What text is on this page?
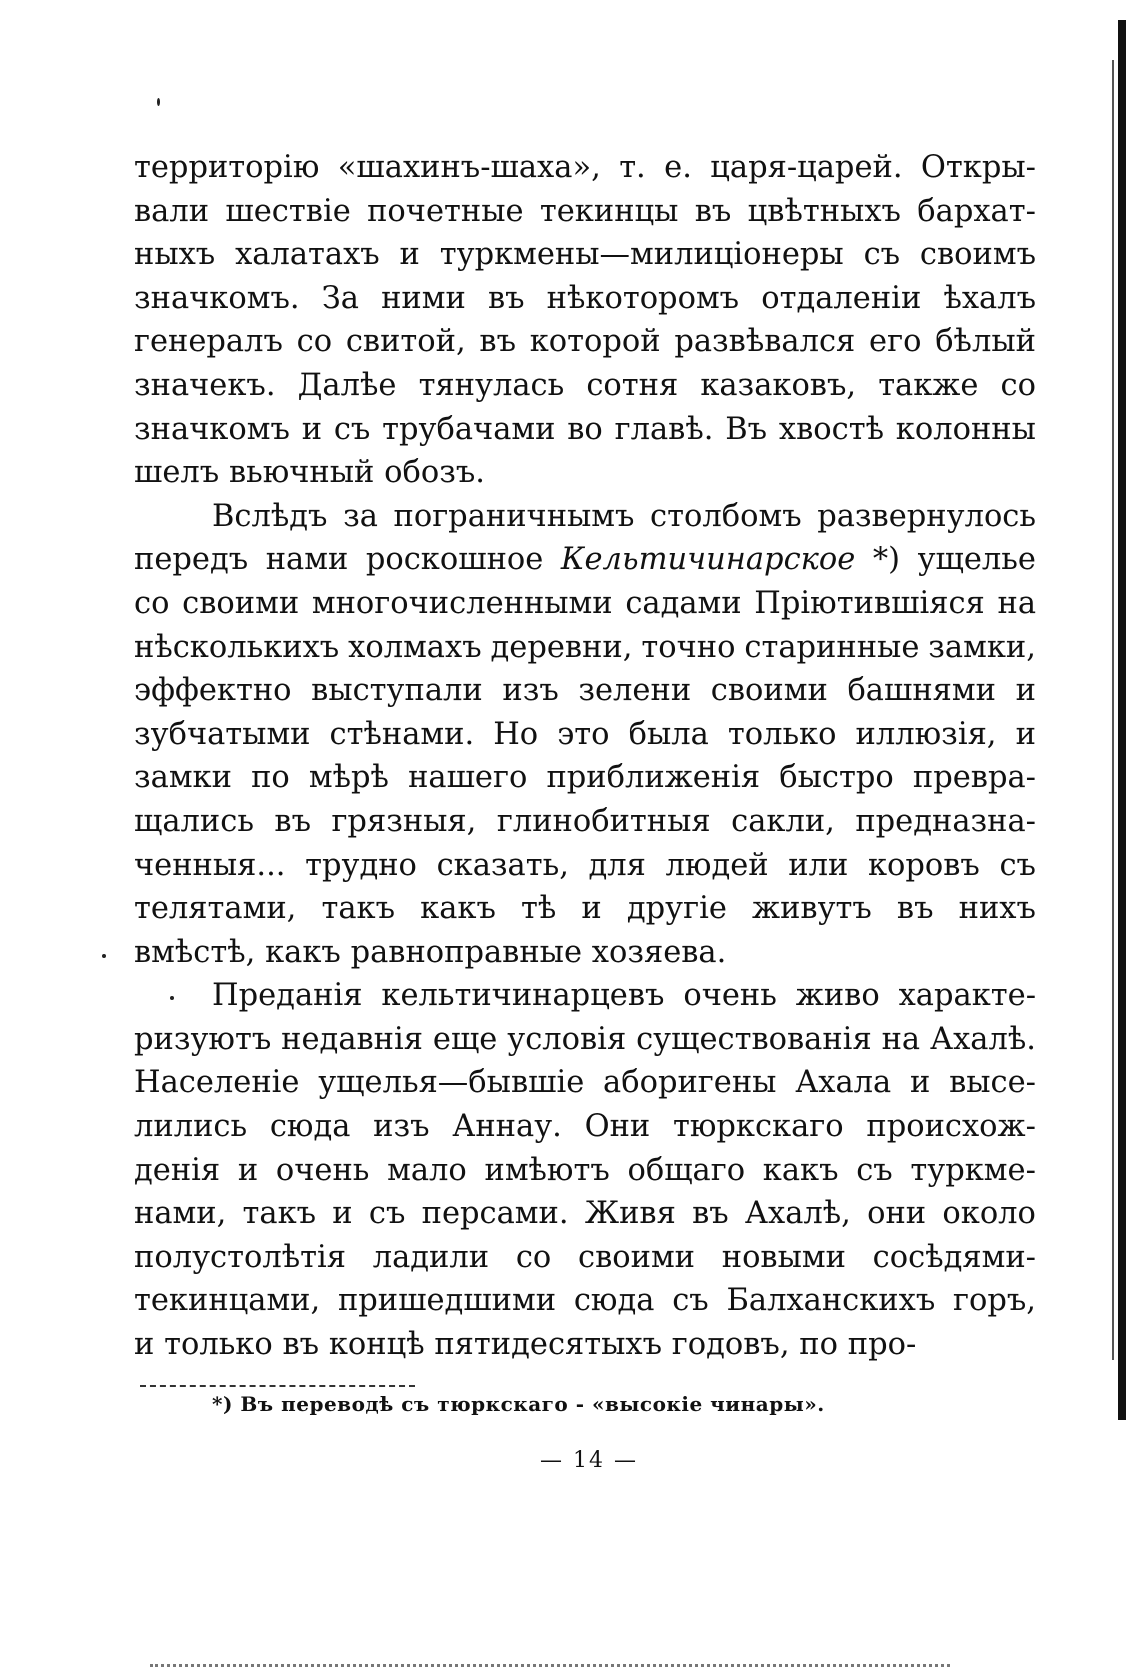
территорію «шахинъ-шаха», т. е. царя-царей. Откры-
вали шествіе почетные текинцы въ цвѣтныхъ бархат-
ныхъ халатахъ и туркмены—милиціонеры съ своимъ
значкомъ. За ними въ нѣкоторомъ отдаленіи ѣхалъ
генералъ со свитой, въ которой развѣвался его бѣлый
значекъ. Далѣе тянулась сотня казаковъ, также со
значкомъ и съ трубачами во главѣ. Въ хвостѣ колонны
шелъ вьючный обозъ.
Вслѣдъ за пограничнымъ столбомъ развернулось
передъ нами роскошное Кельтичинарское *) ущелье
со своими многочисленными садами Пріютившіяся на
нѣсколькихъ холмахъ деревни, точно старинные замки,
эффектно выступали изъ зелени своими башнями и
зубчатыми стѣнами. Но это была только иллюзія, и
замки по мѣрѣ нашего приближенія быстро превра-
щались въ грязныя, глинобитныя сакли, предназна-
ченныя... трудно сказать, для людей или коровъ съ
телятами, такъ какъ тѣ и другіе живутъ въ нихъ
вмѣстѣ, какъ равноправные хозяева.
Преданія кельтичинарцевъ очень живо характе-
ризуютъ недавнія еще условія существованія на Ахалѣ.
Населеніе ущелья—бывшіе аборигены Ахала и высе-
лились сюда изъ Аннау. Они тюркскаго происхож-
денія и очень мало имѣютъ общаго какъ съ туркме-
нами, такъ и съ персами. Живя въ Ахалѣ, они около
полустолѣтія ладили со своими новыми сосѣдями-
текинцами, пришедшими сюда съ Балханскихъ горъ,
и только въ концѣ пятидесятыхъ годовъ, по про-
*) Въ переводѣ съ тюркскаго - «высокіе чинары».
— 14 —
